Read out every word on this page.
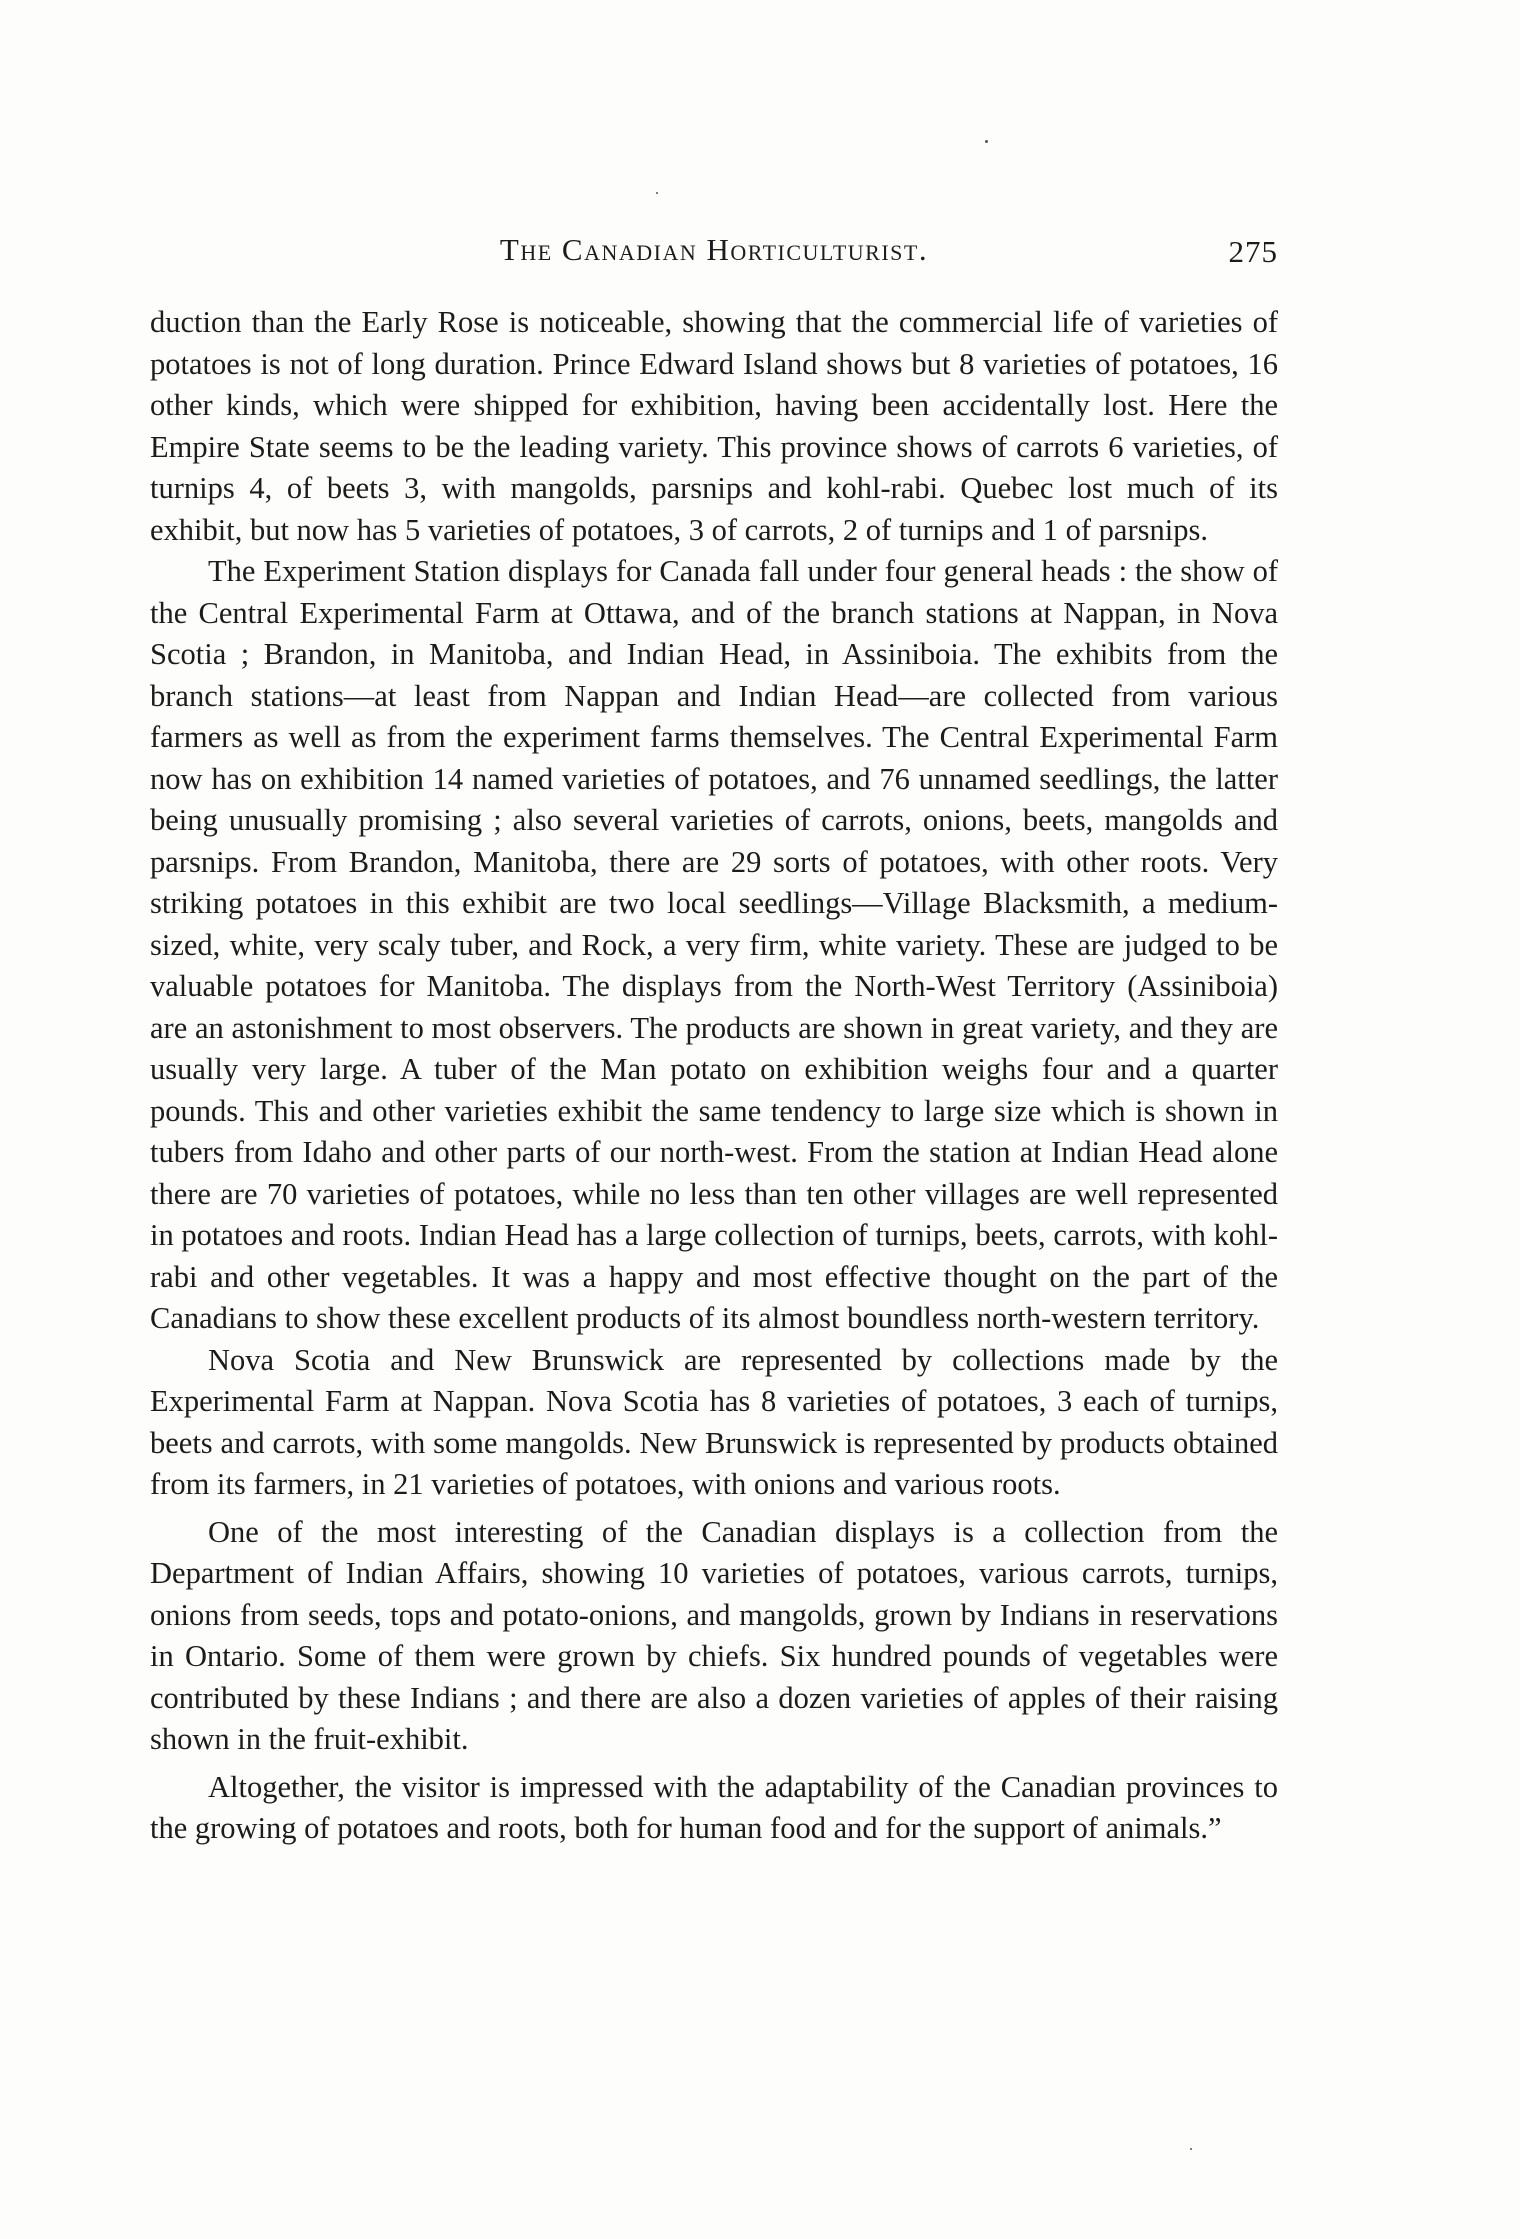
The Canadian Horticulturist.	275

duction than the Early Rose is noticeable, showing that the commercial life of varieties of potatoes is not of long duration. Prince Edward Island shows but 8 varieties of potatoes, 16 other kinds, which were shipped for exhibition, having been accidentally lost. Here the Empire State seems to be the leading variety. This province shows of carrots 6 varieties, of turnips 4, of beets 3, with mangolds, parsnips and kohl-rabi. Quebec lost much of its exhibit, but now has 5 varieties of potatoes, 3 of carrots, 2 of turnips and 1 of parsnips.

The Experiment Station displays for Canada fall under four general heads : the show of the Central Experimental Farm at Ottawa, and of the branch stations at Nappan, in Nova Scotia ; Brandon, in Manitoba, and Indian Head, in Assiniboia. The exhibits from the branch stations—at least from Nappan and Indian Head—are collected from various farmers as well as from the experiment farms themselves. The Central Experimental Farm now has on exhibition 14 named varieties of potatoes, and 76 unnamed seedlings, the latter being unusually promising ; also several varieties of carrots, onions, beets, mangolds and parsnips. From Brandon, Manitoba, there are 29 sorts of potatoes, with other roots. Very striking potatoes in this exhibit are two local seedlings—Village Blacksmith, a medium-sized, white, very scaly tuber, and Rock, a very firm, white variety. These are judged to be valuable potatoes for Manitoba. The displays from the North-West Territory (Assiniboia) are an astonishment to most observers. The products are shown in great variety, and they are usually very large. A tuber of the Man potato on exhibition weighs four and a quarter pounds. This and other varieties exhibit the same tendency to large size which is shown in tubers from Idaho and other parts of our north-west. From the station at Indian Head alone there are 70 varieties of potatoes, while no less than ten other villages are well represented in potatoes and roots. Indian Head has a large collection of turnips, beets, carrots, with kohl-rabi and other vegetables. It was a happy and most effective thought on the part of the Canadians to show these excellent products of its almost boundless north-western territory.

Nova Scotia and New Brunswick are represented by collections made by the Experimental Farm at Nappan. Nova Scotia has 8 varieties of potatoes, 3 each of turnips, beets and carrots, with some mangolds. New Brunswick is represented by products obtained from its farmers, in 21 varieties of potatoes, with onions and various roots.

One of the most interesting of the Canadian displays is a collection from the Department of Indian Affairs, showing 10 varieties of potatoes, various carrots, turnips, onions from seeds, tops and potato-onions, and mangolds, grown by Indians in reservations in Ontario. Some of them were grown by chiefs. Six hundred pounds of vegetables were contributed by these Indians ; and there are also a dozen varieties of apples of their raising shown in the fruit-exhibit.

Altogether, the visitor is impressed with the adaptability of the Canadian provinces to the growing of potatoes and roots, both for human food and for the support of animals.”
